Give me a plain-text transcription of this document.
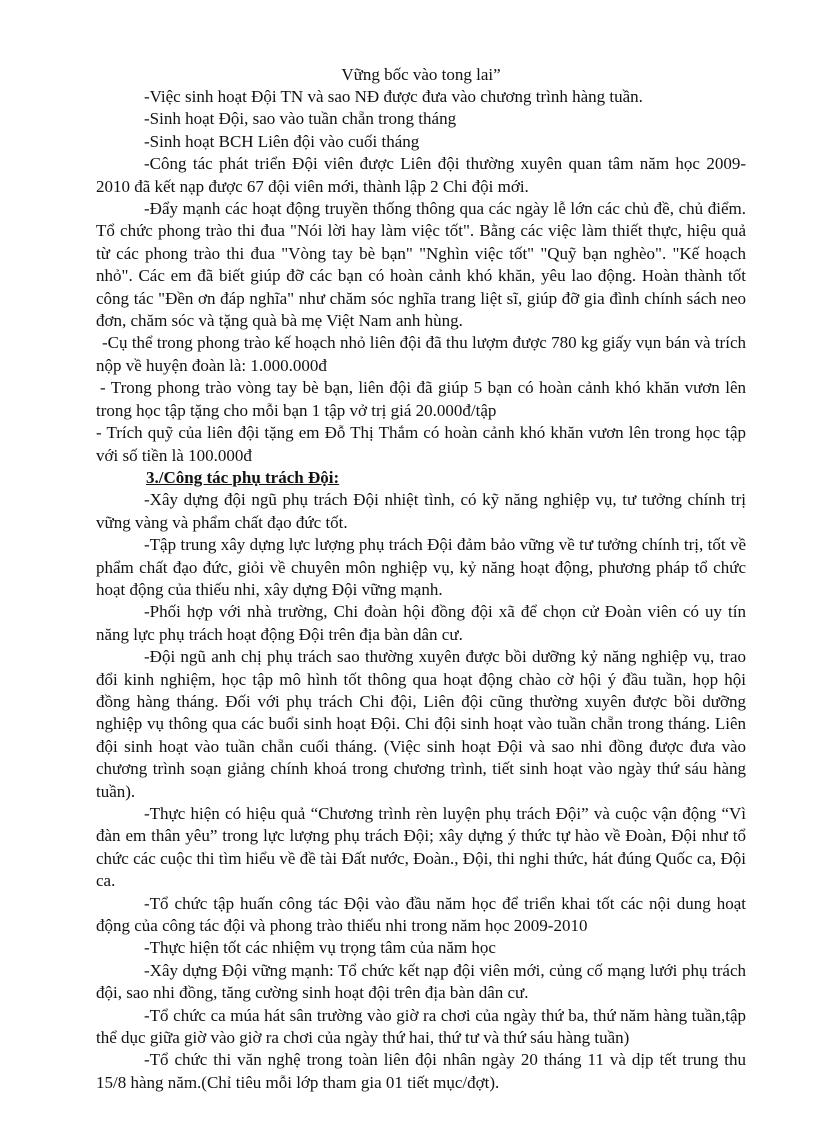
Vững bốc vào tong lai”

-Việc sinh hoạt Đội TN và sao NĐ được đưa vào chương trình hàng tuần.

-Sinh hoạt Đội, sao vào tuần chẵn trong tháng

-Sinh hoạt BCH Liên đội vào cuối tháng

-Công tác phát triển Đội viên được Liên đội thường xuyên quan tâm năm học 2009-2010 đã kết nạp được 67 đội viên mới, thành lập 2 Chi đội mới.

-Đẩy mạnh các hoạt động truyền thống thông qua các ngày lễ lớn các chủ đề, chủ điểm. Tổ chức phong trào thi đua "Nói lời hay làm việc tốt". Bằng các việc làm thiết thực, hiệu quả từ các phong trào thi đua "Vòng tay bè bạn" "Nghìn việc tốt" "Quỹ bạn nghèo". "Kế hoạch nhỏ". Các em đã biết giúp đỡ các bạn có hoàn cảnh khó khăn, yêu lao động. Hoàn thành tốt công tác "Đền ơn đáp nghĩa" như chăm sóc nghĩa trang liệt sĩ, giúp đỡ gia đình chính sách neo đơn, chăm sóc và tặng quà bà mẹ Việt Nam anh hùng.

-Cụ thể trong phong trào kế hoạch nhỏ liên đội đã thu lượm được 780 kg giấy vụn bán và trích nộp về huyện đoàn là: 1.000.000đ

- Trong phong trào vòng tay bè bạn, liên đội đã giúp 5 bạn có hoàn cảnh khó khăn vươn lên trong học tập tặng cho mỗi bạn 1 tập vở trị giá 20.000đ/tập

- Trích quỹ của liên đội tặng em Đỗ Thị Thắm có hoàn cảnh khó khăn vươn lên trong học tập với số tiền là 100.000đ

3./Công tác phụ trách Đội:

-Xây dựng đội ngũ phụ trách Đội nhiệt tình, có kỹ năng nghiệp vụ, tư tưởng chính trị vững vàng và phẩm chất đạo đức tốt.

-Tập trung xây dựng lực lượng phụ trách Đội đảm bảo vững về tư tưởng chính trị, tốt về phẩm chất đạo đức, giỏi về chuyên môn nghiệp vụ, kỷ năng hoạt động, phương pháp tổ chức hoạt động của thiếu nhi, xây dựng Đội vững mạnh.

-Phối hợp với nhà trường, Chi đoàn hội đồng đội xã để chọn cử Đoàn viên có uy tín năng lực phụ trách hoạt động Đội trên địa bàn dân cư.

-Đội ngũ anh chị phụ trách sao thường xuyên được bồi dưỡng kỷ năng nghiệp vụ, trao đổi kinh nghiệm, học tập mô hình tốt thông qua hoạt động chào cờ hội ý đầu tuần, họp hội đồng hàng tháng. Đối với phụ trách Chi đội, Liên đội cũng thường xuyên được bồi dưỡng nghiệp vụ thông qua các buổi sinh hoạt Đội. Chi đội sinh hoạt vào tuần chẵn trong tháng. Liên đội sinh hoạt vào tuần chẵn cuối tháng. (Việc sinh hoạt Đội và sao nhi đồng được đưa vào chương trình soạn giảng chính khoá trong chương trình, tiết sinh hoạt vào ngày thứ sáu hàng tuần).

-Thực hiện có hiệu quả “Chương trình rèn luyện phụ trách Đội” và cuộc vận động “Vì đàn em thân yêu” trong lực lượng phụ trách Đội; xây dựng ý thức tự hào về Đoàn, Đội như tổ chức các cuộc thi tìm hiểu về đề tài Đất nước, Đoàn., Đội, thi nghi thức, hát đúng Quốc ca, Đội ca.

-Tổ chức tập huấn công tác Đội vào đầu năm học để triển khai tốt các nội dung hoạt động của công tác đội và phong trào thiếu nhi trong năm học 2009-2010

-Thực hiện tốt các nhiệm vụ trọng tâm của năm học

-Xây dựng Đội vững mạnh: Tổ chức kết nạp đội viên mới, củng cố mạng lưới phụ trách đội, sao nhi đồng, tăng cường sinh hoạt đội trên địa bàn dân cư.

-Tổ chức ca múa hát sân trường vào giờ ra chơi của ngày thứ ba, thứ năm hàng tuần,tập thể dục giữa giờ vào giờ ra chơi của ngày thứ hai, thứ tư và thứ sáu hàng tuần)

-Tổ chức thi văn nghệ trong toàn liên đội nhân ngày 20 tháng 11 và dịp tết trung thu 15/8 hàng năm.(Chỉ tiêu mỗi lớp tham gia 01 tiết mục/đợt).
